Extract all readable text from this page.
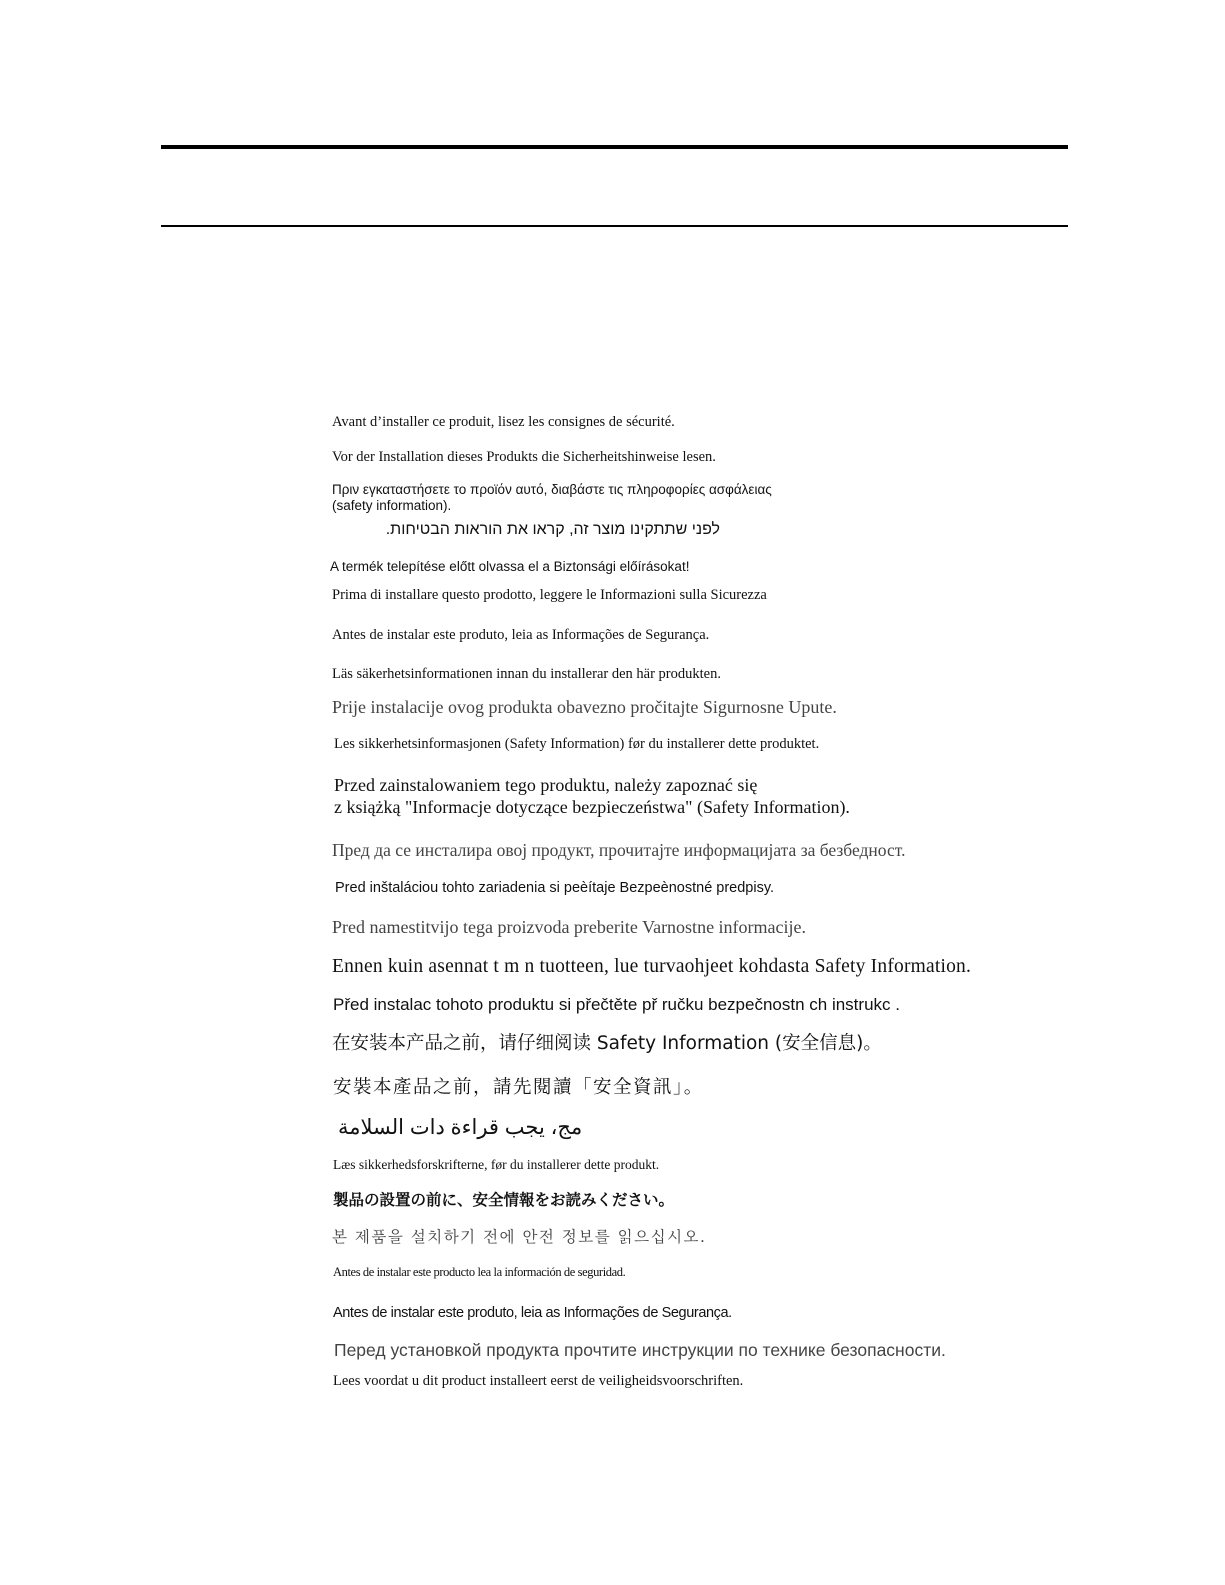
Avant d’installer ce produit, lisez les consignes de sécurité.
Vor der Installation dieses Produkts die Sicherheitshinweise lesen.
Πριν εγκαταστήσετε το προϊόν αυτό, διαβάστε τις πληροφορίες ασφάλειας
(safety information).
לפני שתתקינו מוצר זה, קראו את הוראות הבטיחות.
A termék telepítése előtt olvassa el a Biztonsági előírásokat!
Prima di installare questo prodotto, leggere le Informazioni sulla Sicurezza
Antes de instalar este produto, leia as Informações de Segurança.
Läs säkerhetsinformationen innan du installerar den här produkten.
Prije instalacije ovog produkta obavezno pročitajte Sigurnosne Upute.
Les sikkerhetsinformasjonen (Safety Information) før du installerer dette produktet.
Przed zainstalowaniem tego produktu, należy zapoznać się
z książką "Informacje dotyczące bezpieczeństwa" (Safety Information).
Пред да се инсталира овој продукт, прочитајте информацијата за безбедност.
Pred inštaláciou tohto zariadenia si peèítaje Bezpeènostné predpisy.
Pred namestitvijo tega proizvoda preberite Varnostne informacije.
Ennen kuin asennat t m n tuotteen, lue turvaohjeet kohdasta Safety Information.
Před instalac tohoto produktu si přečtěte př ručku bezpečnostn ch instrukc .
在安装本产品之前，请仔细阅读 Safety Information (安全信息)。
安裝本產品之前，請先閱讀「安全資訊」。
مج، يجب قراءة دات السلامة
Læs sikkerhedsforskrifterne, før du installerer dette produkt.
製品の設置の前に、安全情報をお読みください。
본 제품을 설치하기 전에 안전 정보를 읽으십시오.
Antes de instalar este producto lea la información de seguridad.
Antes de instalar este produto, leia as Informações de Segurança.
Перед установкой продукта прочтите инструкции по технике безопасности.
Lees voordat u dit product installeert eerst de veiligheidsvoorschriften.
